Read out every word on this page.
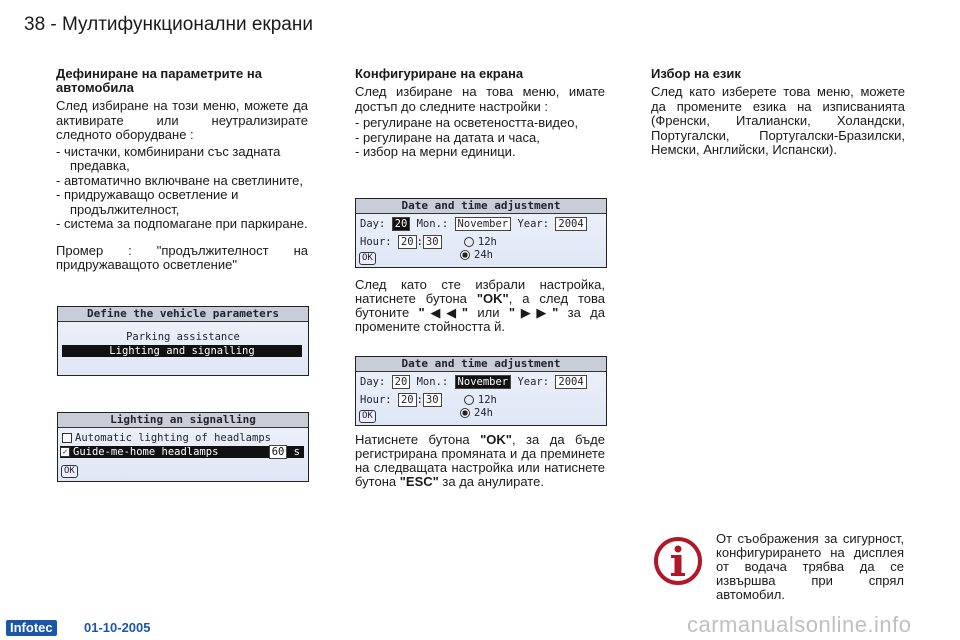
38 - Мултифункционални екрани
Дефиниране на параметрите на автомобила

След избиране на този меню, можете да активирате или неутрализирате следното оборудване :

- чистачки, комбинирани със задната предавка,
- автоматично включване на светлините,
- придружаващо осветление и продължителност,
- система за подпомагане при паркиране.

Промер : "продължителност на придружаващото осветление"

Define the vehicle parameters
Parking assistance
Lighting and signalling
Lighting an signalling
Automatic lighting of headlamps
✓ Guide-me-home headlamps	60 s
OK
Конфигуриране на екрана

След избиране на това меню, имате достъп до следните настройки :

- регулиране на осветеността-видео,
- регулиране на датата и часа,
- избор на мерни единици.
Date and time adjustment
Day: 20 Mon.: November Year: 2004
Hour: 20 : 30	12h
24h
OK
След като сте избрали настройка, натиснете бутона "OK", а след това бутоните "◀◀" или "▶▶" за да промените стойността й.
Date and time adjustment
Day: 20 Mon.: November Year: 2004
Hour: 20 : 30	12h
24h
OK
Натиснете бутона "OK", за да бъде регистрирана промяната и да преминете на следващата настройка или натиснете бутона "ESC" за да анулирате.
Избор на език

След като изберете това меню, можете да промените езика на изписванията (Френски, Италиански, Холандски, Португалски, Португалски-Бразилски, Немски, Английски, Испански).

От съображения за сигурност, конфигурирането на дисплея от водача трябва да се извършва при спрял автомобил.
Infotec	01-10-2005	carmanualsonline.info
